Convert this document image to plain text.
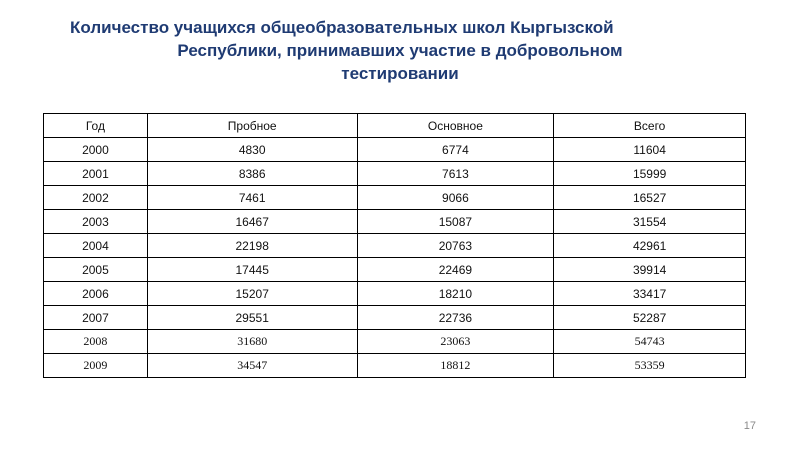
Количество учащихся общеобразовательных школ Кыргызской
Республики, принимавших участие в добровольном
тестировании
Год	Пробное	Основное	Всего
2000	4830	6774	11604
2001	8386	7613	15999
2002	7461	9066	16527
2003	16467	15087	31554
2004	22198	20763	42961
2005	17445	22469	39914
2006	15207	18210	33417
2007	29551	22736	52287
2008	31680	23063	54743
2009	34547	18812	53359
17
